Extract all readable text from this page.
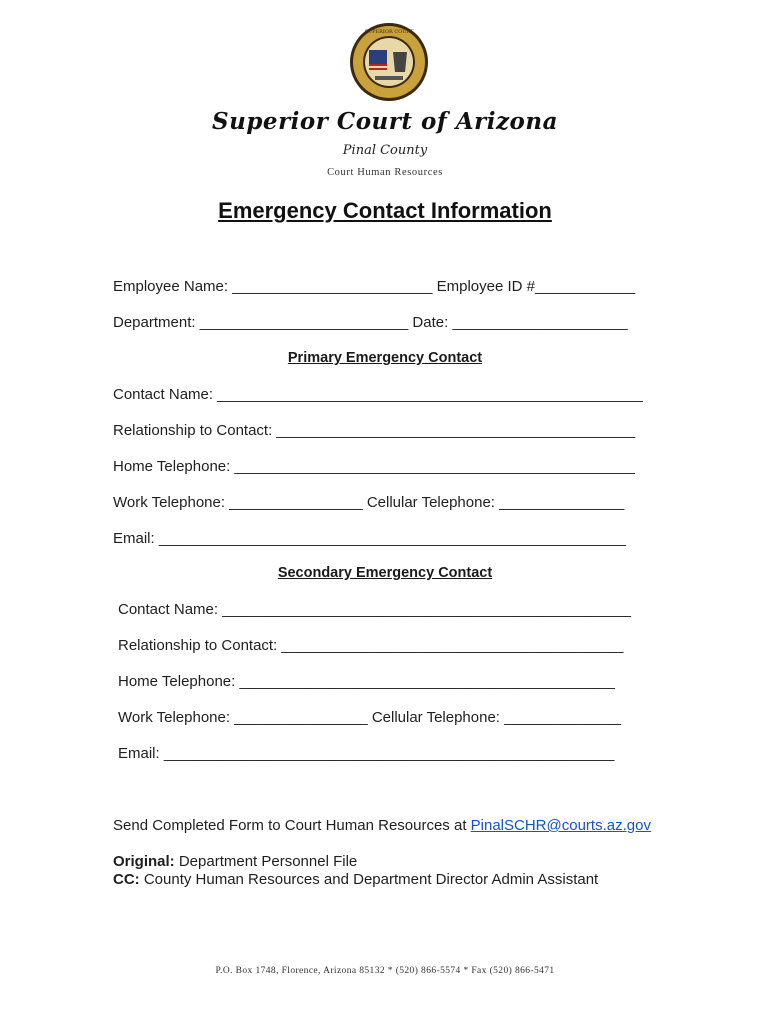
SUPERIOR COURT
Superior Court of Arizona
Pinal County
Court Human Resources
Emergency Contact Information
Employee Name: ________________________ Employee ID #____________
Department: _________________________ Date: _____________________
Primary Emergency Contact
Contact Name: ___________________________________________________
Relationship to Contact: ___________________________________________
Home Telephone: ________________________________________________
Work Telephone: ________________ Cellular Telephone: _______________
Email: ________________________________________________________
Secondary Emergency Contact
Contact Name: _________________________________________________
Relationship to Contact: _________________________________________
Home Telephone: _____________________________________________
Work Telephone: ________________ Cellular Telephone: ______________
Email: ______________________________________________________
Send Completed Form to Court Human Resources at PinalSCHR@courts.az.gov
Original: Department Personnel File
CC: County Human Resources and Department Director Admin Assistant
P.O. Box 1748, Florence, Arizona 85132 * (520) 866-5574 * Fax (520) 866-5471
